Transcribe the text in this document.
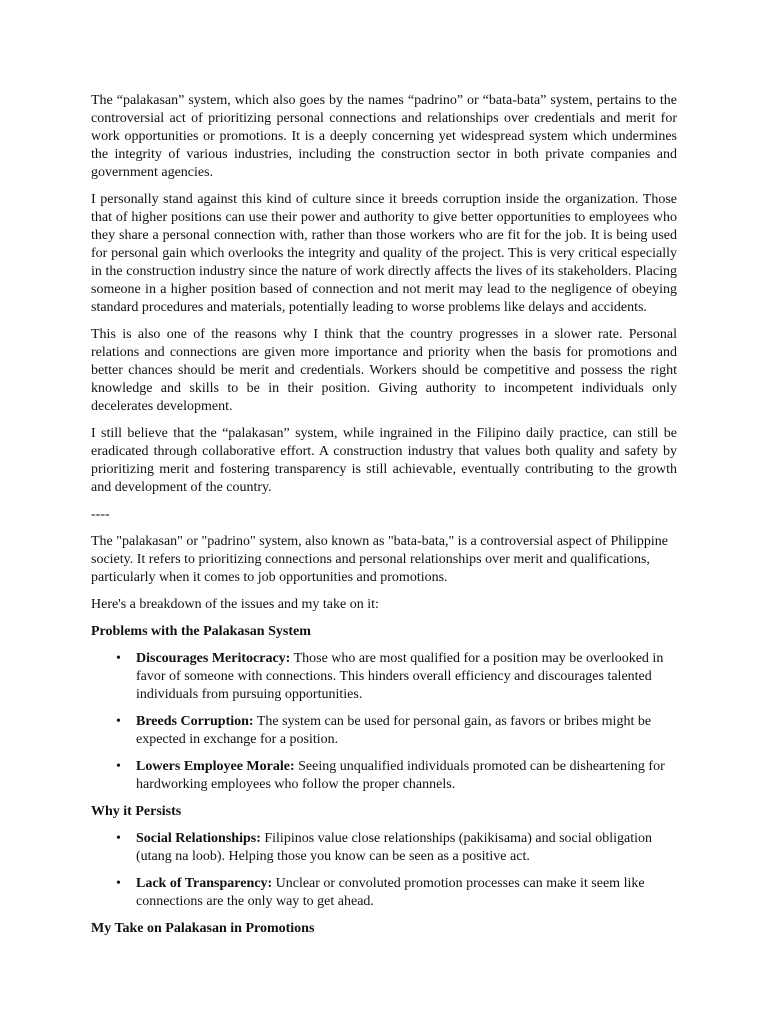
The “palakasan” system, which also goes by the names “padrino” or “bata-bata” system, pertains to the controversial act of prioritizing personal connections and relationships over credentials and merit for work opportunities or promotions. It is a deeply concerning yet widespread system which undermines the integrity of various industries, including the construction sector in both private companies and government agencies.

I personally stand against this kind of culture since it breeds corruption inside the organization. Those that of higher positions can use their power and authority to give better opportunities to employees who they share a personal connection with, rather than those workers who are fit for the job. It is being used for personal gain which overlooks the integrity and quality of the project. This is very critical especially in the construction industry since the nature of work directly affects the lives of its stakeholders. Placing someone in a higher position based of connection and not merit may lead to the negligence of obeying standard procedures and materials, potentially leading to worse problems like delays and accidents.

This is also one of the reasons why I think that the country progresses in a slower rate. Personal relations and connections are given more importance and priority when the basis for promotions and better chances should be merit and credentials. Workers should be competitive and possess the right knowledge and skills to be in their position. Giving authority to incompetent individuals only decelerates development.

I still believe that the “palakasan” system, while ingrained in the Filipino daily practice, can still be eradicated through collaborative effort. A construction industry that values both quality and safety by prioritizing merit and fostering transparency is still achievable, eventually contributing to the growth and development of the country.

----

The "palakasan" or "padrino" system, also known as "bata-bata," is a controversial aspect of Philippine society. It refers to prioritizing connections and personal relationships over merit and qualifications, particularly when it comes to job opportunities and promotions.

Here's a breakdown of the issues and my take on it:

Problems with the Palakasan System
• Discourages Meritocracy: Those who are most qualified for a position may be overlooked in favor of someone with connections. This hinders overall efficiency and discourages talented individuals from pursuing opportunities.
• Breeds Corruption: The system can be used for personal gain, as favors or bribes might be expected in exchange for a position.
• Lowers Employee Morale: Seeing unqualified individuals promoted can be disheartening for hardworking employees who follow the proper channels.
Why it Persists
• Social Relationships: Filipinos value close relationships (pakikisama) and social obligation (utang na loob). Helping those you know can be seen as a positive act.
• Lack of Transparency: Unclear or convoluted promotion processes can make it seem like connections are the only way to get ahead.
My Take on Palakasan in Promotions
